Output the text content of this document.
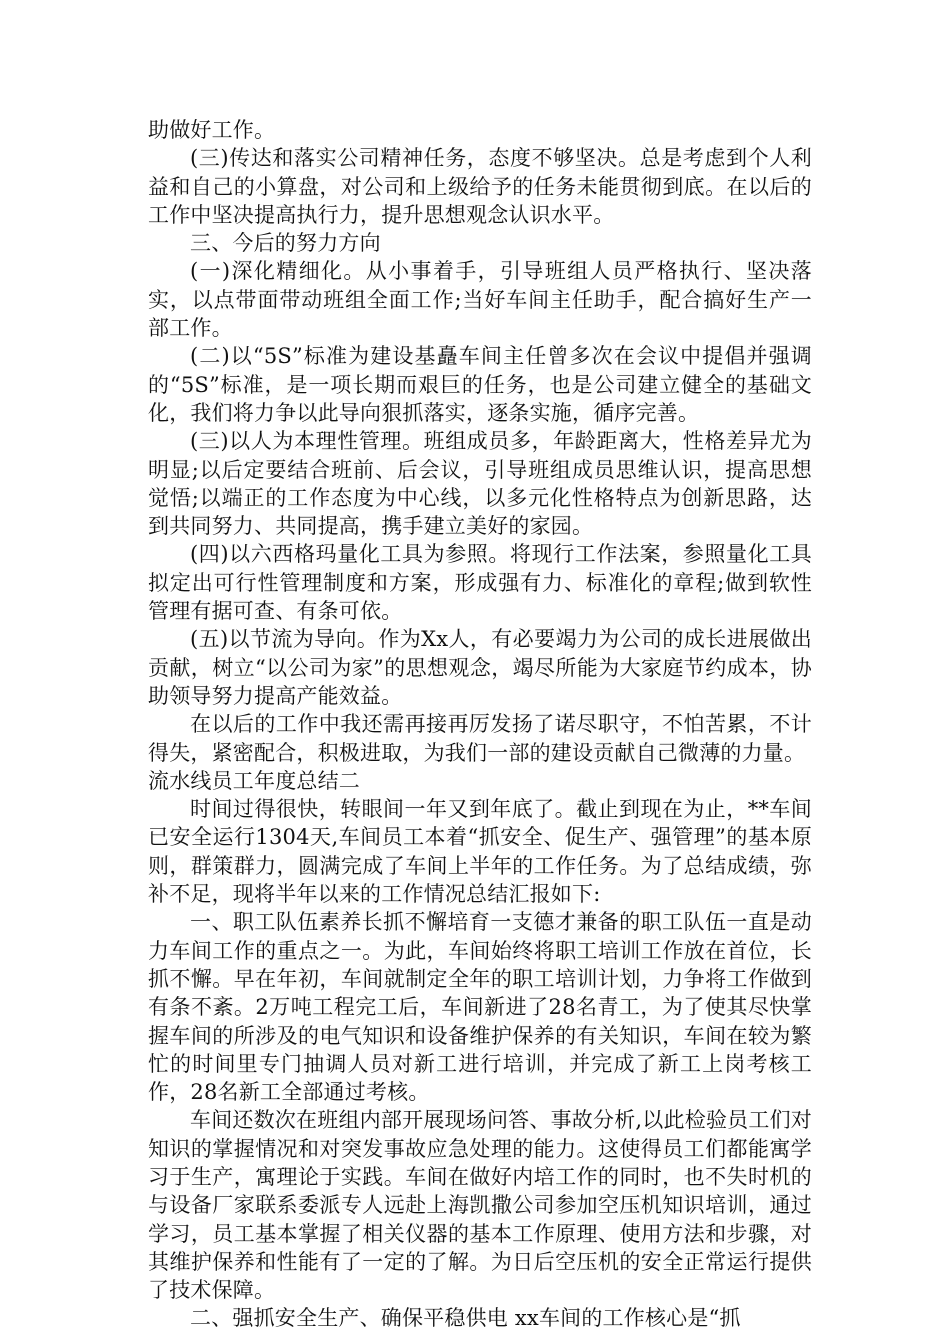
助做好工作。

(三)传达和落实公司精神任务，态度不够坚决。总是考虑到个人利益和自己的小算盘，对公司和上级给予的任务未能贯彻到底。在以后的工作中坚决提高执行力，提升思想观念认识水平。

三、今后的努力方向

(一)深化精细化。从小事着手，引导班组人员严格执行、坚决落实，以点带面带动班组全面工作;当好车间主任助手，配合搞好生产一部工作。

(二)以“5S”标准为建设基矗车间主任曾多次在会议中提倡并强调的“5S”标准，是一项长期而艰巨的任务，也是公司建立健全的基础文化，我们将力争以此导向狠抓落实，逐条实施，循序完善。

(三)以人为本理性管理。班组成员多，年龄距离大，性格差异尤为明显;以后定要结合班前、后会议，引导班组成员思维认识，提高思想觉悟;以端正的工作态度为中心线，以多元化性格特点为创新思路，达到共同努力、共同提高，携手建立美好的家园。

(四)以六西格玛量化工具为参照。将现行工作法案，参照量化工具拟定出可行性管理制度和方案，形成强有力、标准化的章程;做到软性管理有据可查、有条可依。

(五)以节流为导向。作为Xx人，有必要竭力为公司的成长进展做出贡献，树立“以公司为家”的思想观念，竭尽所能为大家庭节约成本，协助领导努力提高产能效益。

在以后的工作中我还需再接再厉发扬了诺尽职守，不怕苦累，不计得失，紧密配合，积极进取，为我们一部的建设贡献自己微薄的力量。

流水线员工年度总结二

时间过得很快，转眼间一年又到年底了。截止到现在为止，**车间已安全运行1304天,车间员工本着“抓安全、促生产、强管理”的基本原则，群策群力，圆满完成了车间上半年的工作任务。为了总结成绩，弥补不足，现将半年以来的工作情况总结汇报如下:

一、职工队伍素养长抓不懈培育一支德才兼备的职工队伍一直是动力车间工作的重点之一。为此，车间始终将职工培训工作放在首位，长抓不懈。早在年初，车间就制定全年的职工培训计划，力争将工作做到有条不紊。2万吨工程完工后，车间新进了28名青工，为了使其尽快掌握车间的所涉及的电气知识和设备维护保养的有关知识，车间在较为繁忙的时间里专门抽调人员对新工进行培训，并完成了新工上岗考核工作，28名新工全部通过考核。

车间还数次在班组内部开展现场问答、事故分析,以此检验员工们对知识的掌握情况和对突发事故应急处理的能力。这使得员工们都能寓学习于生产，寓理论于实践。车间在做好内培工作的同时，也不失时机的与设备厂家联系委派专人远赴上海凯撒公司参加空压机知识培训，通过学习，员工基本掌握了相关仪器的基本工作原理、使用方法和步骤，对其维护保养和性能有了一定的了解。为日后空压机的安全正常运行提供了技术保障。

二、强抓安全生产、确保平稳供电 xx车间的工作核心是“抓
